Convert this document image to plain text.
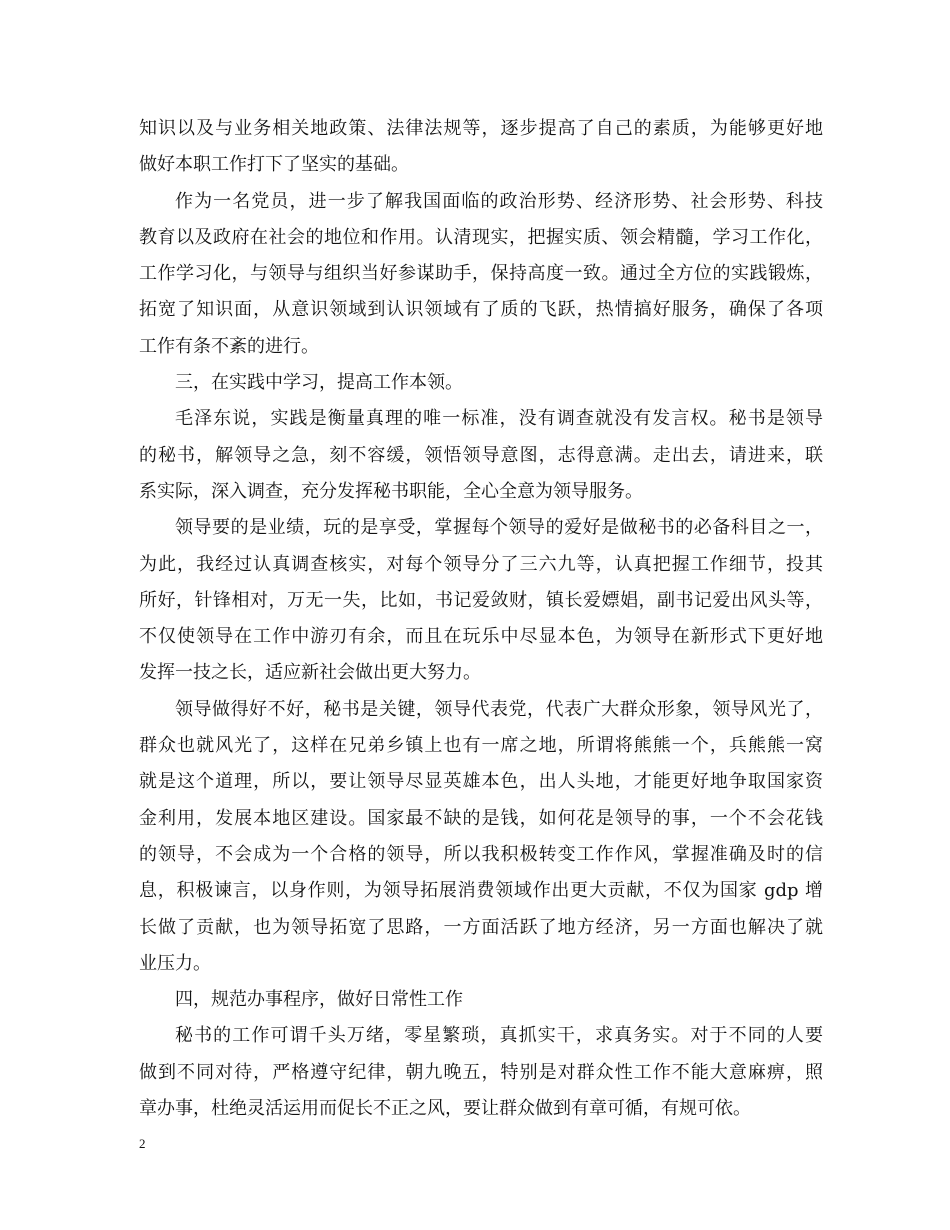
知识以及与业务相关地政策、法律法规等，逐步提高了自己的素质，为能够更好地
做好本职工作打下了坚实的基础。
作为一名党员，进一步了解我国面临的政治形势、经济形势、社会形势、科技
教育以及政府在社会的地位和作用。认清现实，把握实质、领会精髓，学习工作化，
工作学习化，与领导与组织当好参谋助手，保持高度一致。通过全方位的实践锻炼，
拓宽了知识面，从意识领域到认识领域有了质的飞跃，热情搞好服务，确保了各项
工作有条不紊的进行。
三，在实践中学习，提高工作本领。
毛泽东说，实践是衡量真理的唯一标准，没有调查就没有发言权。秘书是领导
的秘书，解领导之急，刻不容缓，领悟领导意图，志得意满。走出去，请进来，联
系实际，深入调查，充分发挥秘书职能，全心全意为领导服务。
领导要的是业绩，玩的是享受，掌握每个领导的爱好是做秘书的必备科目之一，
为此，我经过认真调查核实，对每个领导分了三六九等，认真把握工作细节，投其
所好，针锋相对，万无一失，比如，书记爱敛财，镇长爱嫖娼，副书记爱出风头等，
不仅使领导在工作中游刃有余，而且在玩乐中尽显本色，为领导在新形式下更好地
发挥一技之长，适应新社会做出更大努力。
领导做得好不好，秘书是关键，领导代表党，代表广大群众形象，领导风光了，
群众也就风光了，这样在兄弟乡镇上也有一席之地，所谓将熊熊一个，兵熊熊一窝
就是这个道理，所以，要让领导尽显英雄本色，出人头地，才能更好地争取国家资
金利用，发展本地区建设。国家最不缺的是钱，如何花是领导的事，一个不会花钱
的领导，不会成为一个合格的领导，所以我积极转变工作作风，掌握准确及时的信
息，积极谏言，以身作则，为领导拓展消费领域作出更大贡献，不仅为国家 gdp 增
长做了贡献，也为领导拓宽了思路，一方面活跃了地方经济，另一方面也解决了就
业压力。
四，规范办事程序，做好日常性工作
秘书的工作可谓千头万绪，零星繁琐，真抓实干，求真务实。对于不同的人要
做到不同对待，严格遵守纪律，朝九晚五，特别是对群众性工作不能大意麻痹，照
章办事，杜绝灵活运用而促长不正之风，要让群众做到有章可循，有规可依。
2
